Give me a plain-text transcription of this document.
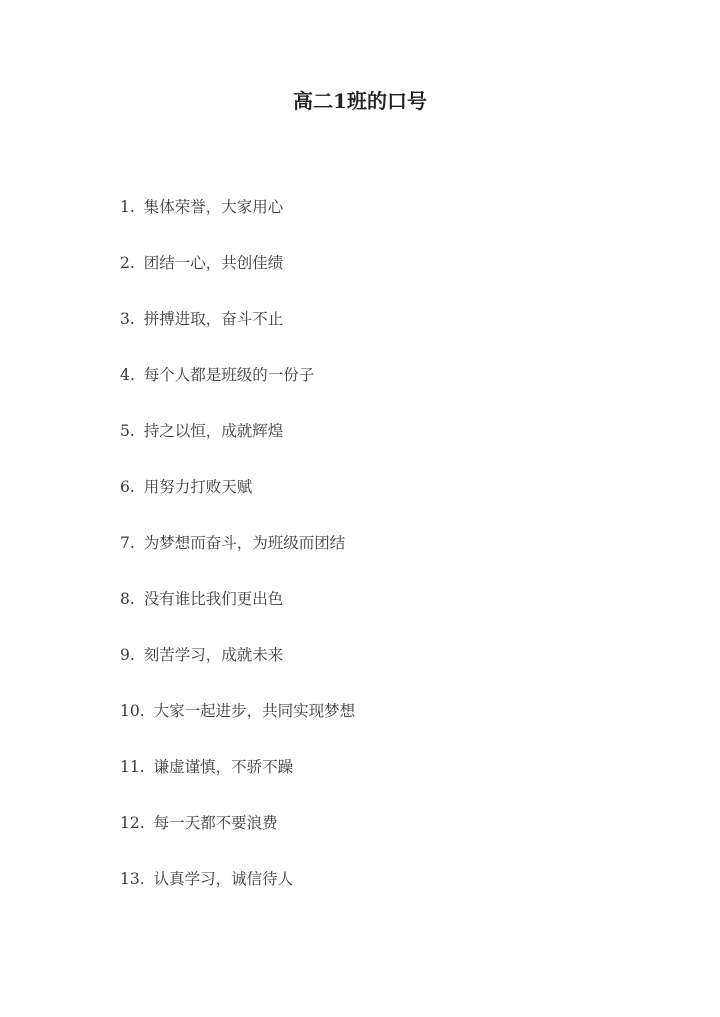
高二1班的口号
1. 集体荣誉，大家用心
2. 团结一心，共创佳绩
3. 拼搏进取，奋斗不止
4. 每个人都是班级的一份子
5. 持之以恒，成就辉煌
6. 用努力打败天赋
7. 为梦想而奋斗，为班级而团结
8. 没有谁比我们更出色
9. 刻苦学习，成就未来
10. 大家一起进步，共同实现梦想
11. 谦虚谨慎，不骄不躁
12. 每一天都不要浪费
13. 认真学习，诚信待人
